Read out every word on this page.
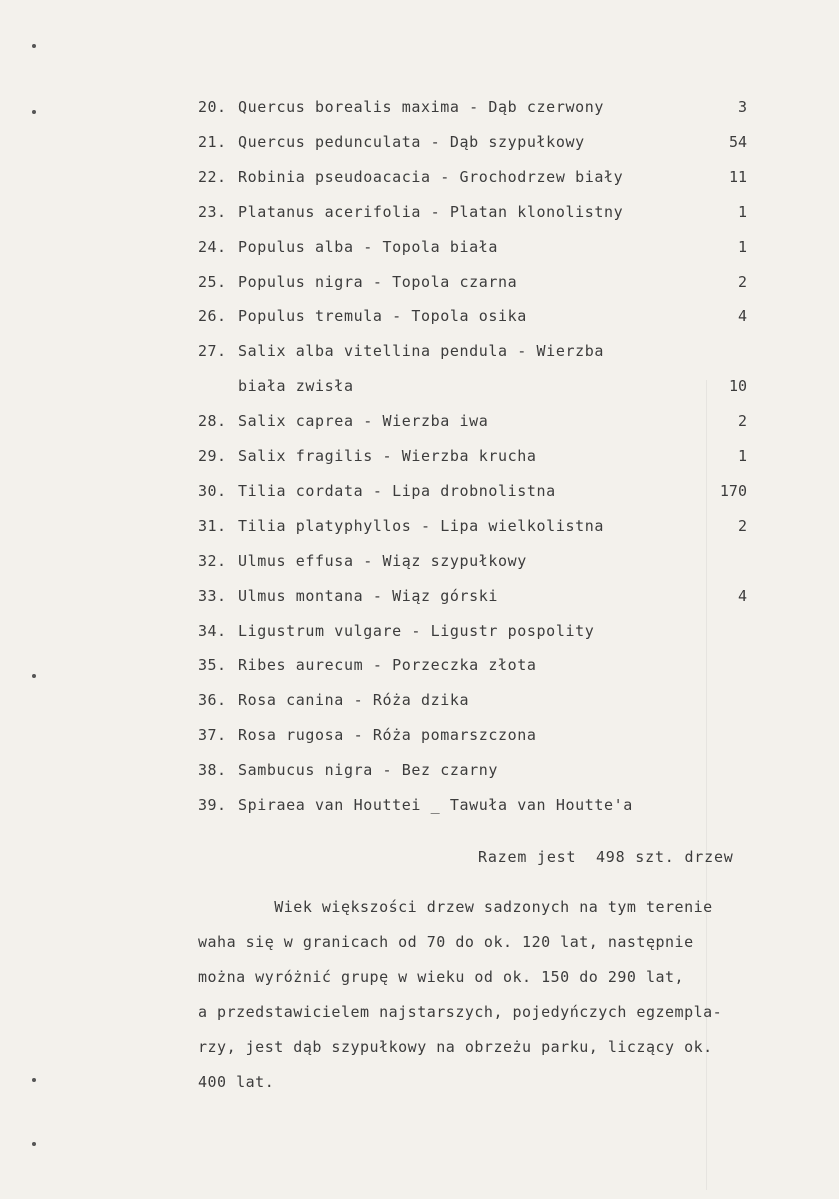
20. Quercus borealis maxima - Dąb czerwony	3
21. Quercus pedunculata - Dąb szypułkowy	54
22. Robinia pseudoacacia - Grochodrzew biały	11
23. Platanus acerifolia - Platan klonolistny	1
24. Populus alba - Topola biała	1
25. Populus nigra - Topola czarna	2
26. Populus tremula - Topola osika	4
27. Salix alba vitellina pendula - Wierzba
biała zwisła	10
28. Salix caprea - Wierzba iwa	2
29. Salix fragilis - Wierzba krucha	1
30. Tilia cordata - Lipa drobnolistna	170
31. Tilia platyphyllos - Lipa wielkolistna	2
32. Ulmus effusa - Wiąz szypułkowy
33. Ulmus montana - Wiąz górski	4
34. Ligustrum vulgare - Ligustr pospolity
35. Ribes aurecum - Porzeczka złota
36. Rosa canina - Róża dzika
37. Rosa rugosa - Róża pomarszczona
38. Sambucus nigra - Bez czarny
39. Spiraea van Houttei _ Tawuła van Houtte'a
Razem jest  498 szt. drzew
Wiek większości drzew sadzonych na tym terenie
waha się w granicach od 70 do ok. 120 lat, następnie
można wyróżnić grupę w wieku od ok. 150 do 290 lat,
a przedstawicielem najstarszych, pojedyńczych egzempla-
rzy, jest dąb szypułkowy na obrzeżu parku, liczący ok.
400 lat.
